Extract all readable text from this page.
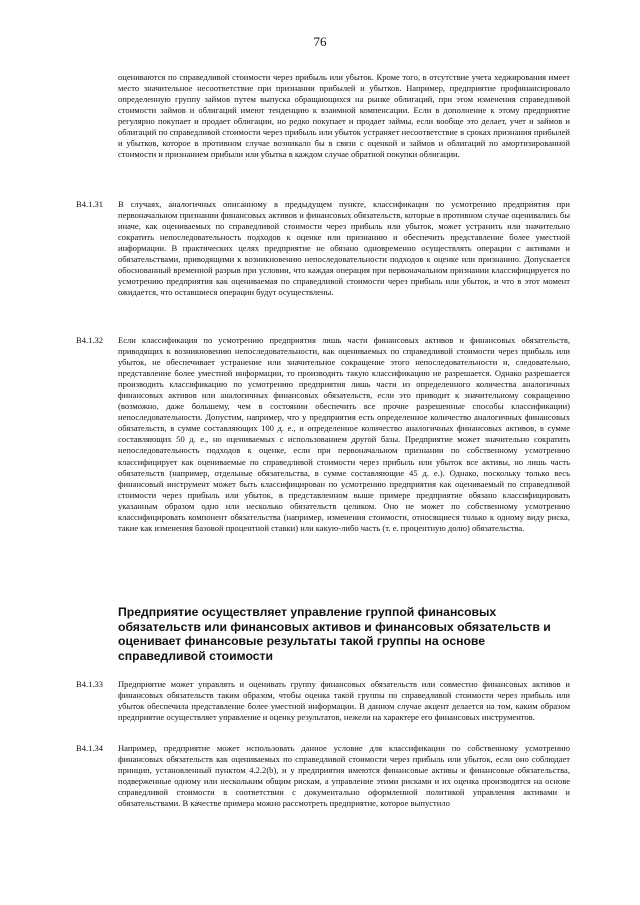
76

оцениваются по справедливой стоимости через прибыль или убыток. Кроме того, в отсутствие учета хеджирования имеет место значительное несоответствие при признании прибылей и убытков. Например, предприятие профинансировало определенную группу займов путем выпуска обращающихся на рынке облигаций, при этом изменения справедливой стоимости займов и облигаций имеют тенденцию к взаимной компенсации. Если в дополнение к этому предприятие регулярно покупает и продает облигации, но редко покупает и продает займы, если вообще это делает, учет и займов и облигаций по справедливой стоимости через прибыль или убыток устраняет несоответствие в сроках признания прибылей и убытков, которое в противном случае возникало бы в связи с оценкой и займов и облигаций по амортизированной стоимости и признанием прибыли или убытка в каждом случае обратной покупки облигации.

B4.1.31 В случаях, аналогичных описанному в предыдущем пункте, классификация по усмотрению предприятия при первоначальном признании финансовых активов и финансовых обязательств, которые в противном случае оценивались бы иначе, как оцениваемых по справедливой стоимости через прибыль или убыток, может устранить или значительно сократить непоследовательность подходов к оценке или признанию и обеспечить представление более уместной информации. В практических целях предприятие не обязано одновременно осуществлять операции с активами и обязательствами, приводящими к возникновению непоследовательности подходов к оценке или признанию. Допускается обоснованный временной разрыв при условии, что каждая операция при первоначальном признании классифицируется по усмотрению предприятия как оцениваемая по справедливой стоимости через прибыль или убыток, и что в этот момент ожидается, что оставшиеся операции будут осуществлены.

B4.1.32 Если классификация по усмотрению предприятия лишь части финансовых активов и финансовых обязательств, приводящих к возникновению непоследовательности, как оцениваемых по справедливой стоимости через прибыль или убыток, не обеспечивает устранение или значительное сокращение этого непоследовательности и, следовательно, представление более уместной информации, то производить такую классификацию не разрешается. Однако разрешается производить классификацию по усмотрению предприятия лишь части из определенного количества аналогичных финансовых активов или аналогичных финансовых обязательств, если это приводит к значительному сокращению (возможно, даже большему, чем в состоянии обеспечить все прочие разрешенные способы классификации) непоследовательности. Допустим, например, что у предприятия есть определенное количество аналогичных финансовых обязательств, в сумме составляющих 100 д. е., и определенное количество аналогичных финансовых активов, в сумме составляющих 50 д. е., но оцениваемых с использованием другой базы. Предприятие может значительно сократить непоследовательность подходов к оценке, если при первоначальном признании по собственному усмотрению классифицирует как оцениваемые по справедливой стоимости через прибыль или убыток все активы, но лишь часть обязательств (например, отдельные обязательства, в сумме составляющие 45 д. е.). Однако, поскольку только весь финансовый инструмент может быть классифицирован по усмотрению предприятия как оцениваемый по справедливой стоимости через прибыль или убыток, в представленном выше примере предприятие обязано классифицировать указанным образом одно или несколько обязательств целиком. Оно не может по собственному усмотрению классифицировать компонент обязательства (например, изменения стоимости, относящиеся только к одному виду риска, такие как изменения базовой процентной ставки) или какую-либо часть (т. е. процентную долю) обязательства.

Предприятие осуществляет управление группой финансовых обязательств или финансовых активов и финансовых обязательств и оценивает финансовые результаты такой группы на основе справедливой стоимости
B4.1.33 Предприятие может управлять и оценивать группу финансовых обязательств или совместно финансовых активов и финансовых обязательств таким образом, чтобы оценка такой группы по справедливой стоимости через прибыль или убыток обеспечила представление более уместной информации. В данном случае акцент делается на том, каким образом предприятие осуществляет управление и оценку результатов, нежели на характере его финансовых инструментов.

B4.1.34 Например, предприятие может использовать данное условие для классификации по собственному усмотрению финансовых обязательств как оцениваемых по справедливой стоимости через прибыль или убыток, если оно соблюдает принцип, установленный пунктом 4.2.2(b), и у предприятия имеются финансовые активы и финансовые обязательства, подверженные одному или нескольким общим рискам, а управление этими рисками и их оценка производятся на основе справедливой стоимости в соответствии с документально оформленной политикой управления активами и обязательствами. В качестве примера можно рассмотреть предприятие, которое выпустило
